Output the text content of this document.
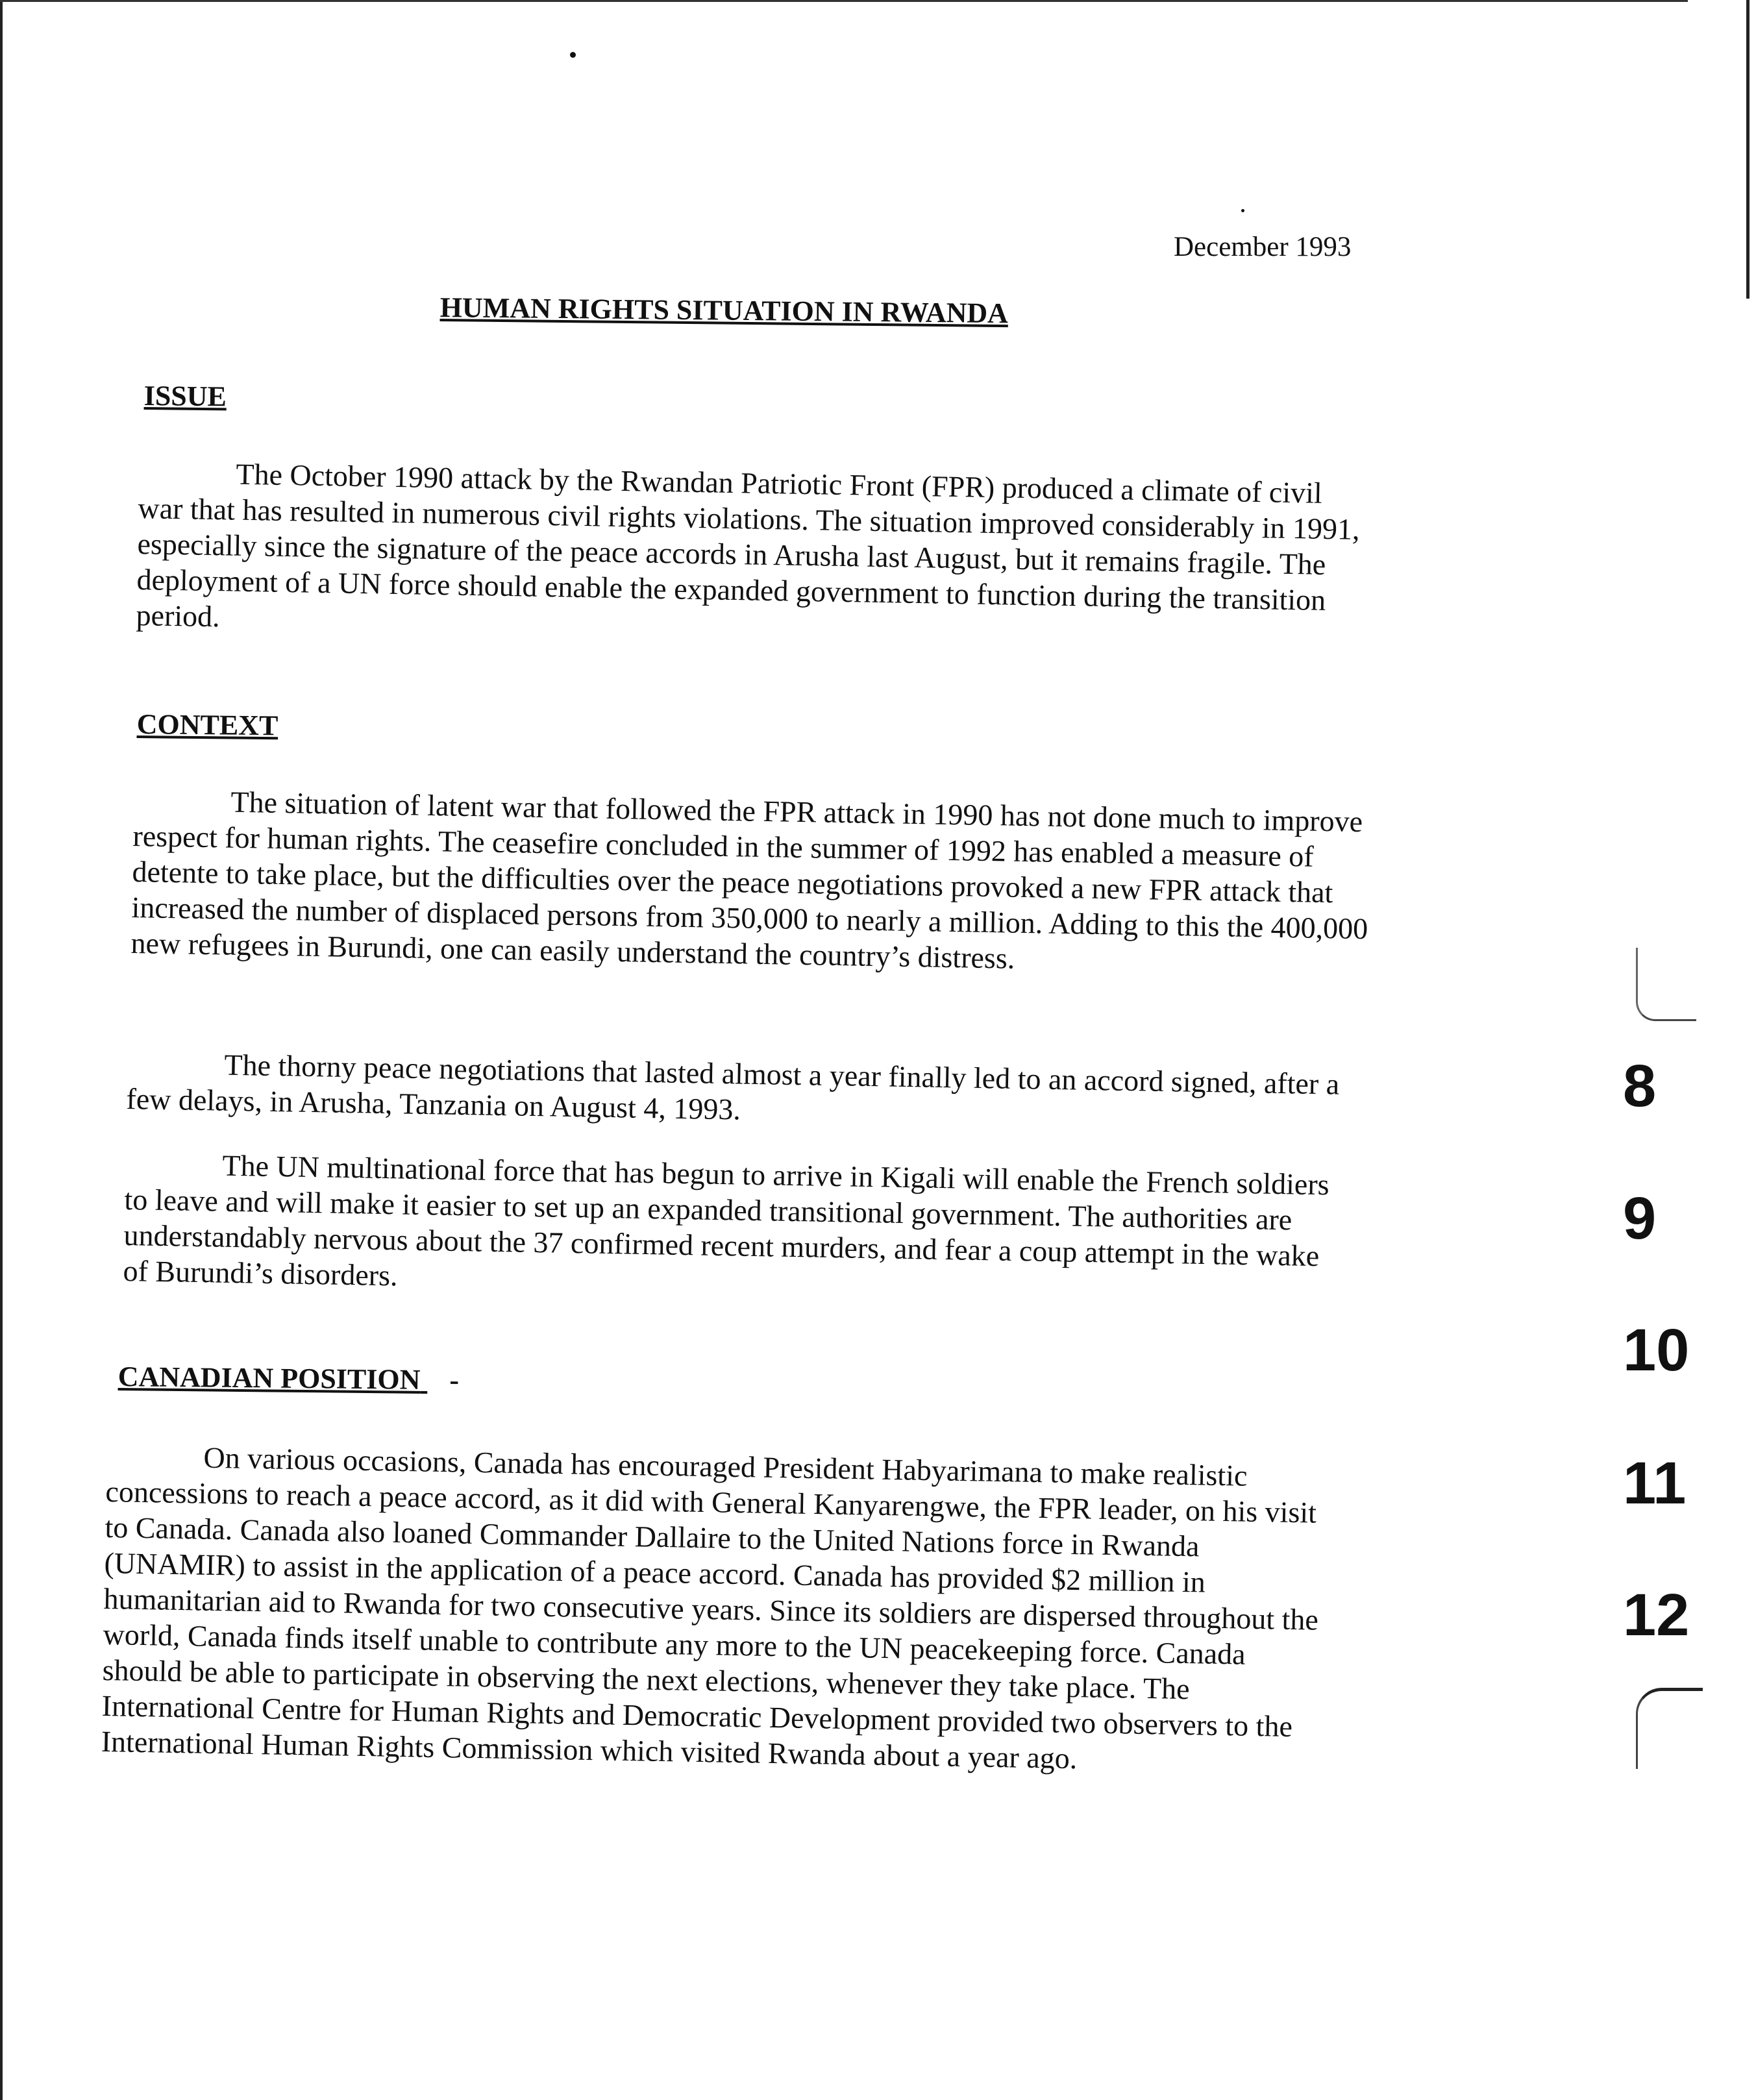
December 1993
HUMAN RIGHTS SITUATION IN RWANDA
ISSUE

The October 1990 attack by the Rwandan Patriotic Front (FPR) produced a climate of civil war that has resulted in numerous civil rights violations. The situation improved considerably in 1991, especially since the signature of the peace accords in Arusha last August, but it remains fragile. The deployment of a UN force should enable the expanded government to function during the transition period.

CONTEXT

The situation of latent war that followed the FPR attack in 1990 has not done much to improve respect for human rights. The ceasefire concluded in the summer of 1992 has enabled a measure of detente to take place, but the difficulties over the peace negotiations provoked a new FPR attack that increased the number of displaced persons from 350,000 to nearly a million. Adding to this the 400,000 new refugees in Burundi, one can easily understand the country’s distress.

The thorny peace negotiations that lasted almost a year finally led to an accord signed, after a few delays, in Arusha, Tanzania on August 4, 1993.

The UN multinational force that has begun to arrive in Kigali will enable the French soldiers to leave and will make it easier to set up an expanded transitional government. The authorities are understandably nervous about the 37 confirmed recent murders, and fear a coup attempt in the wake of Burundi’s disorders.

CANADIAN POSITION -

On various occasions, Canada has encouraged President Habyarimana to make realistic concessions to reach a peace accord, as it did with General Kanyarengwe, the FPR leader, on his visit to Canada. Canada also loaned Commander Dallaire to the United Nations force in Rwanda (UNAMIR) to assist in the application of a peace accord. Canada has provided $2 million in humanitarian aid to Rwanda for two consecutive years. Since its soldiers are dispersed throughout the world, Canada finds itself unable to contribute any more to the UN peacekeeping force. Canada should be able to participate in observing the next elections, whenever they take place. The International Centre for Human Rights and Democratic Development provided two observers to the International Human Rights Commission which visited Rwanda about a year ago.

8
9
10
11
12
